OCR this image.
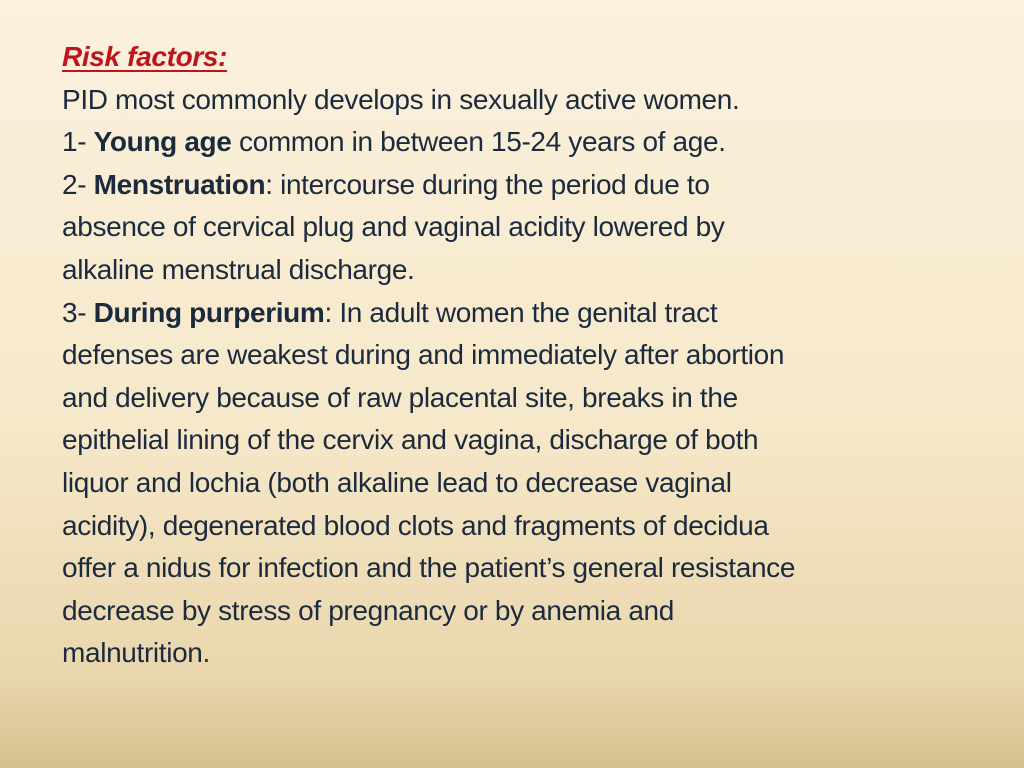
Risk factors:
PID most commonly develops in sexually active women.
1- Young age common in between 15-24 years of age.
2- Menstruation: intercourse during the period due to
absence of cervical plug and vaginal acidity lowered by
alkaline menstrual discharge.
3- During purperium: In adult women the genital tract
defenses are weakest during and immediately after abortion
and delivery because of raw placental site, breaks in the
epithelial lining of the cervix and vagina, discharge of both
liquor and lochia (both alkaline lead to decrease vaginal
acidity), degenerated blood clots and fragments of decidua
offer a nidus for infection and the patient’s general resistance
decrease by stress of pregnancy or by anemia and
malnutrition.
